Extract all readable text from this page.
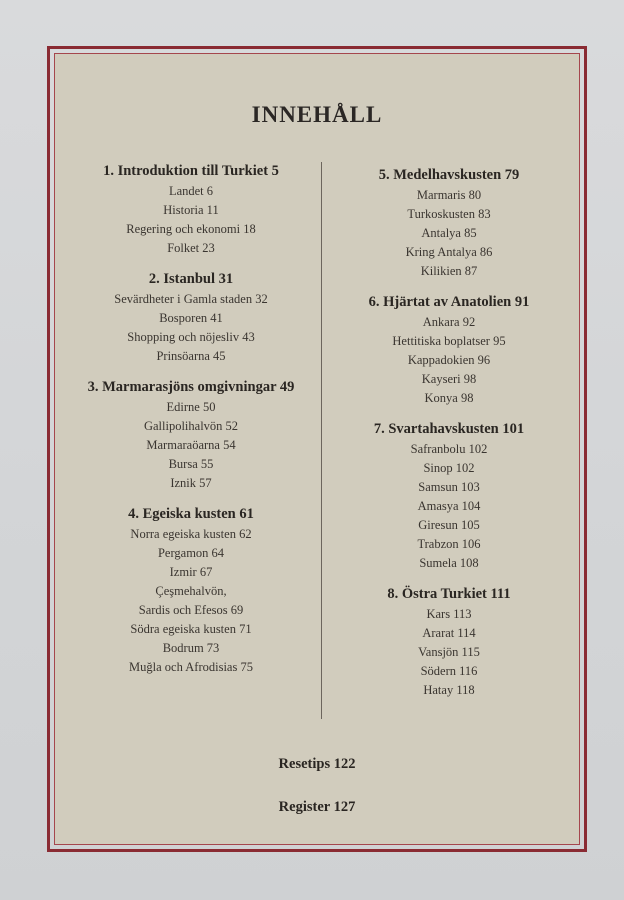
INNEHÅLL
1. Introduktion till Turkiet 5
Landet 6
Historia 11
Regering och ekonomi 18
Folket 23
2. Istanbul 31
Sevärdheter i Gamla staden 32
Bosporen 41
Shopping och nöjesliv 43
Prinsöarna 45
3. Marmarasjöns omgivningar 49
Edirne 50
Gallipolihalvön 52
Marmaraöarna 54
Bursa 55
Iznik 57
4. Egeiska kusten 61
Norra egeiska kusten 62
Pergamon 64
Izmir 67
Çeşmehalvön,
Sardis och Efesos 69
Södra egeiska kusten 71
Bodrum 73
Muğla och Afrodisias 75
5. Medelhavskusten 79
Marmaris 80
Turkoskusten 83
Antalya 85
Kring Antalya 86
Kilikien 87
6. Hjärtat av Anatolien 91
Ankara 92
Hettitiska boplatser 95
Kappadokien 96
Kayseri 98
Konya 98
7. Svartahavskusten 101
Safranbolu 102
Sinop 102
Samsun 103
Amasya 104
Giresun 105
Trabzon 106
Sumela 108
8. Östra Turkiet 111
Kars 113
Ararat 114
Vansjön 115
Södern 116
Hatay 118
Resetips 122
Register 127
